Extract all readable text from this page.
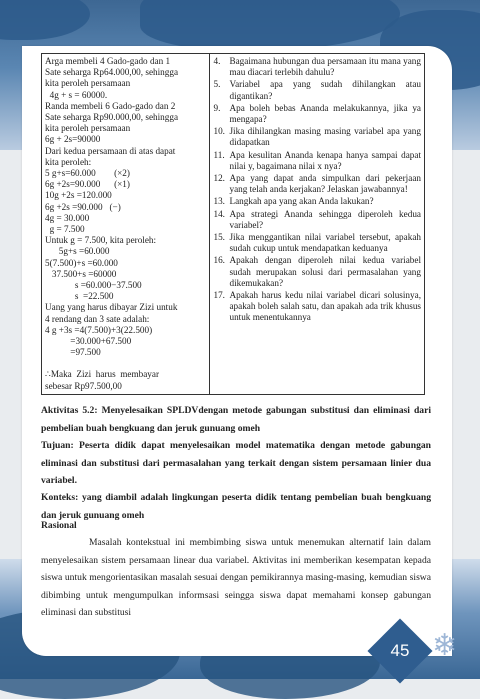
Arga membeli 4 Gado-gado dan 1
Sate seharga Rp64.000,00, sehingga
kita peroleh persamaan
4g + s = 60000.
Randa membeli 6 Gado-gado dan 2
Sate seharga Rp90.000,00, sehingga
kita peroleh persamaan
6g + 2s=90000
Dari kedua persamaan di atas dapat
kita peroleh:
5 g+s=60.000        (×2)
6g +2s=90.000      (×1)
10g +2s =120.000
6g +2s =90.000   (−)
4g = 30.000
g = 7.500
Untuk g = 7.500, kita peroleh:
5g+s =60.000
5(7.500)+s =60.000
37.500+s =60000
s =60.000−37.500
s  =22.500
Uang yang harus dibayar Zizi untuk
4 rendang dan 3 sate adalah:
4 g +3s =4(7.500)+3(22.500)
=30.000+67.500
=97.500
∴Maka  Zizi  harus  membayar
sebesar Rp97.500,00

4. Bagaimana hubungan dua persamaan itu mana yang mau diacari terlebih dahulu?
5. Variabel apa yang sudah dihilangkan atau digantikan?
9. Apa boleh bebas Ananda melakukannya, jika ya mengapa?
10. Jika dihilangkan masing masing variabel apa yang didapatkan
11. Apa kesulitan Ananda kenapa hanya sampai dapat nilai y, bagaimana nilai x nya?
12. Apa yang dapat anda simpulkan dari pekerjaan yang telah anda kerjakan? Jelaskan jawabannya!
13. Langkah apa yang akan Anda lakukan?
14. Apa strategi Ananda sehingga diperoleh kedua variabel?
15. Jika menggantikan nilai variabel tersebut, apakah sudah cukup untuk mendapatkan keduanya
16. Apakah dengan diperoleh nilai kedua variabel sudah merupakan solusi dari permasalahan yang dikemukakan?
17. Apakah harus kedu nilai variabel dicari solusinya, apakah boleh salah satu, dan apakah ada trik khusus untuk menentukannya
Aktivitas 5.2: Menyelesaikan SPLDVdengan metode gabungan substitusi dan eliminasi dari pembelian buah bengkuang dan jeruk gunuang omeh
Tujuan: Peserta didik dapat menyelesaikan model matematika dengan metode gabungan eliminasi dan substitusi dari permasalahan yang terkait dengan sistem persamaan linier dua variabel.
Konteks: yang diambil adalah lingkungan peserta didik tentang pembelian buah bengkuang dan jeruk gunuang omeh
Rasional
Masalah kontekstual ini membimbing siswa untuk menemukan alternatif lain dalam menyelesaikan sistem persamaan linear dua variabel. Aktivitas ini memberikan kesempatan kepada siswa untuk mengorientasikan masalah sesuai dengan pemikirannya masing-masing, kemudian siswa dibimbing untuk mengumpulkan informsasi seingga siswa dapat memahami konsep gabungan eliminasi dan substitusi
45 ❄
